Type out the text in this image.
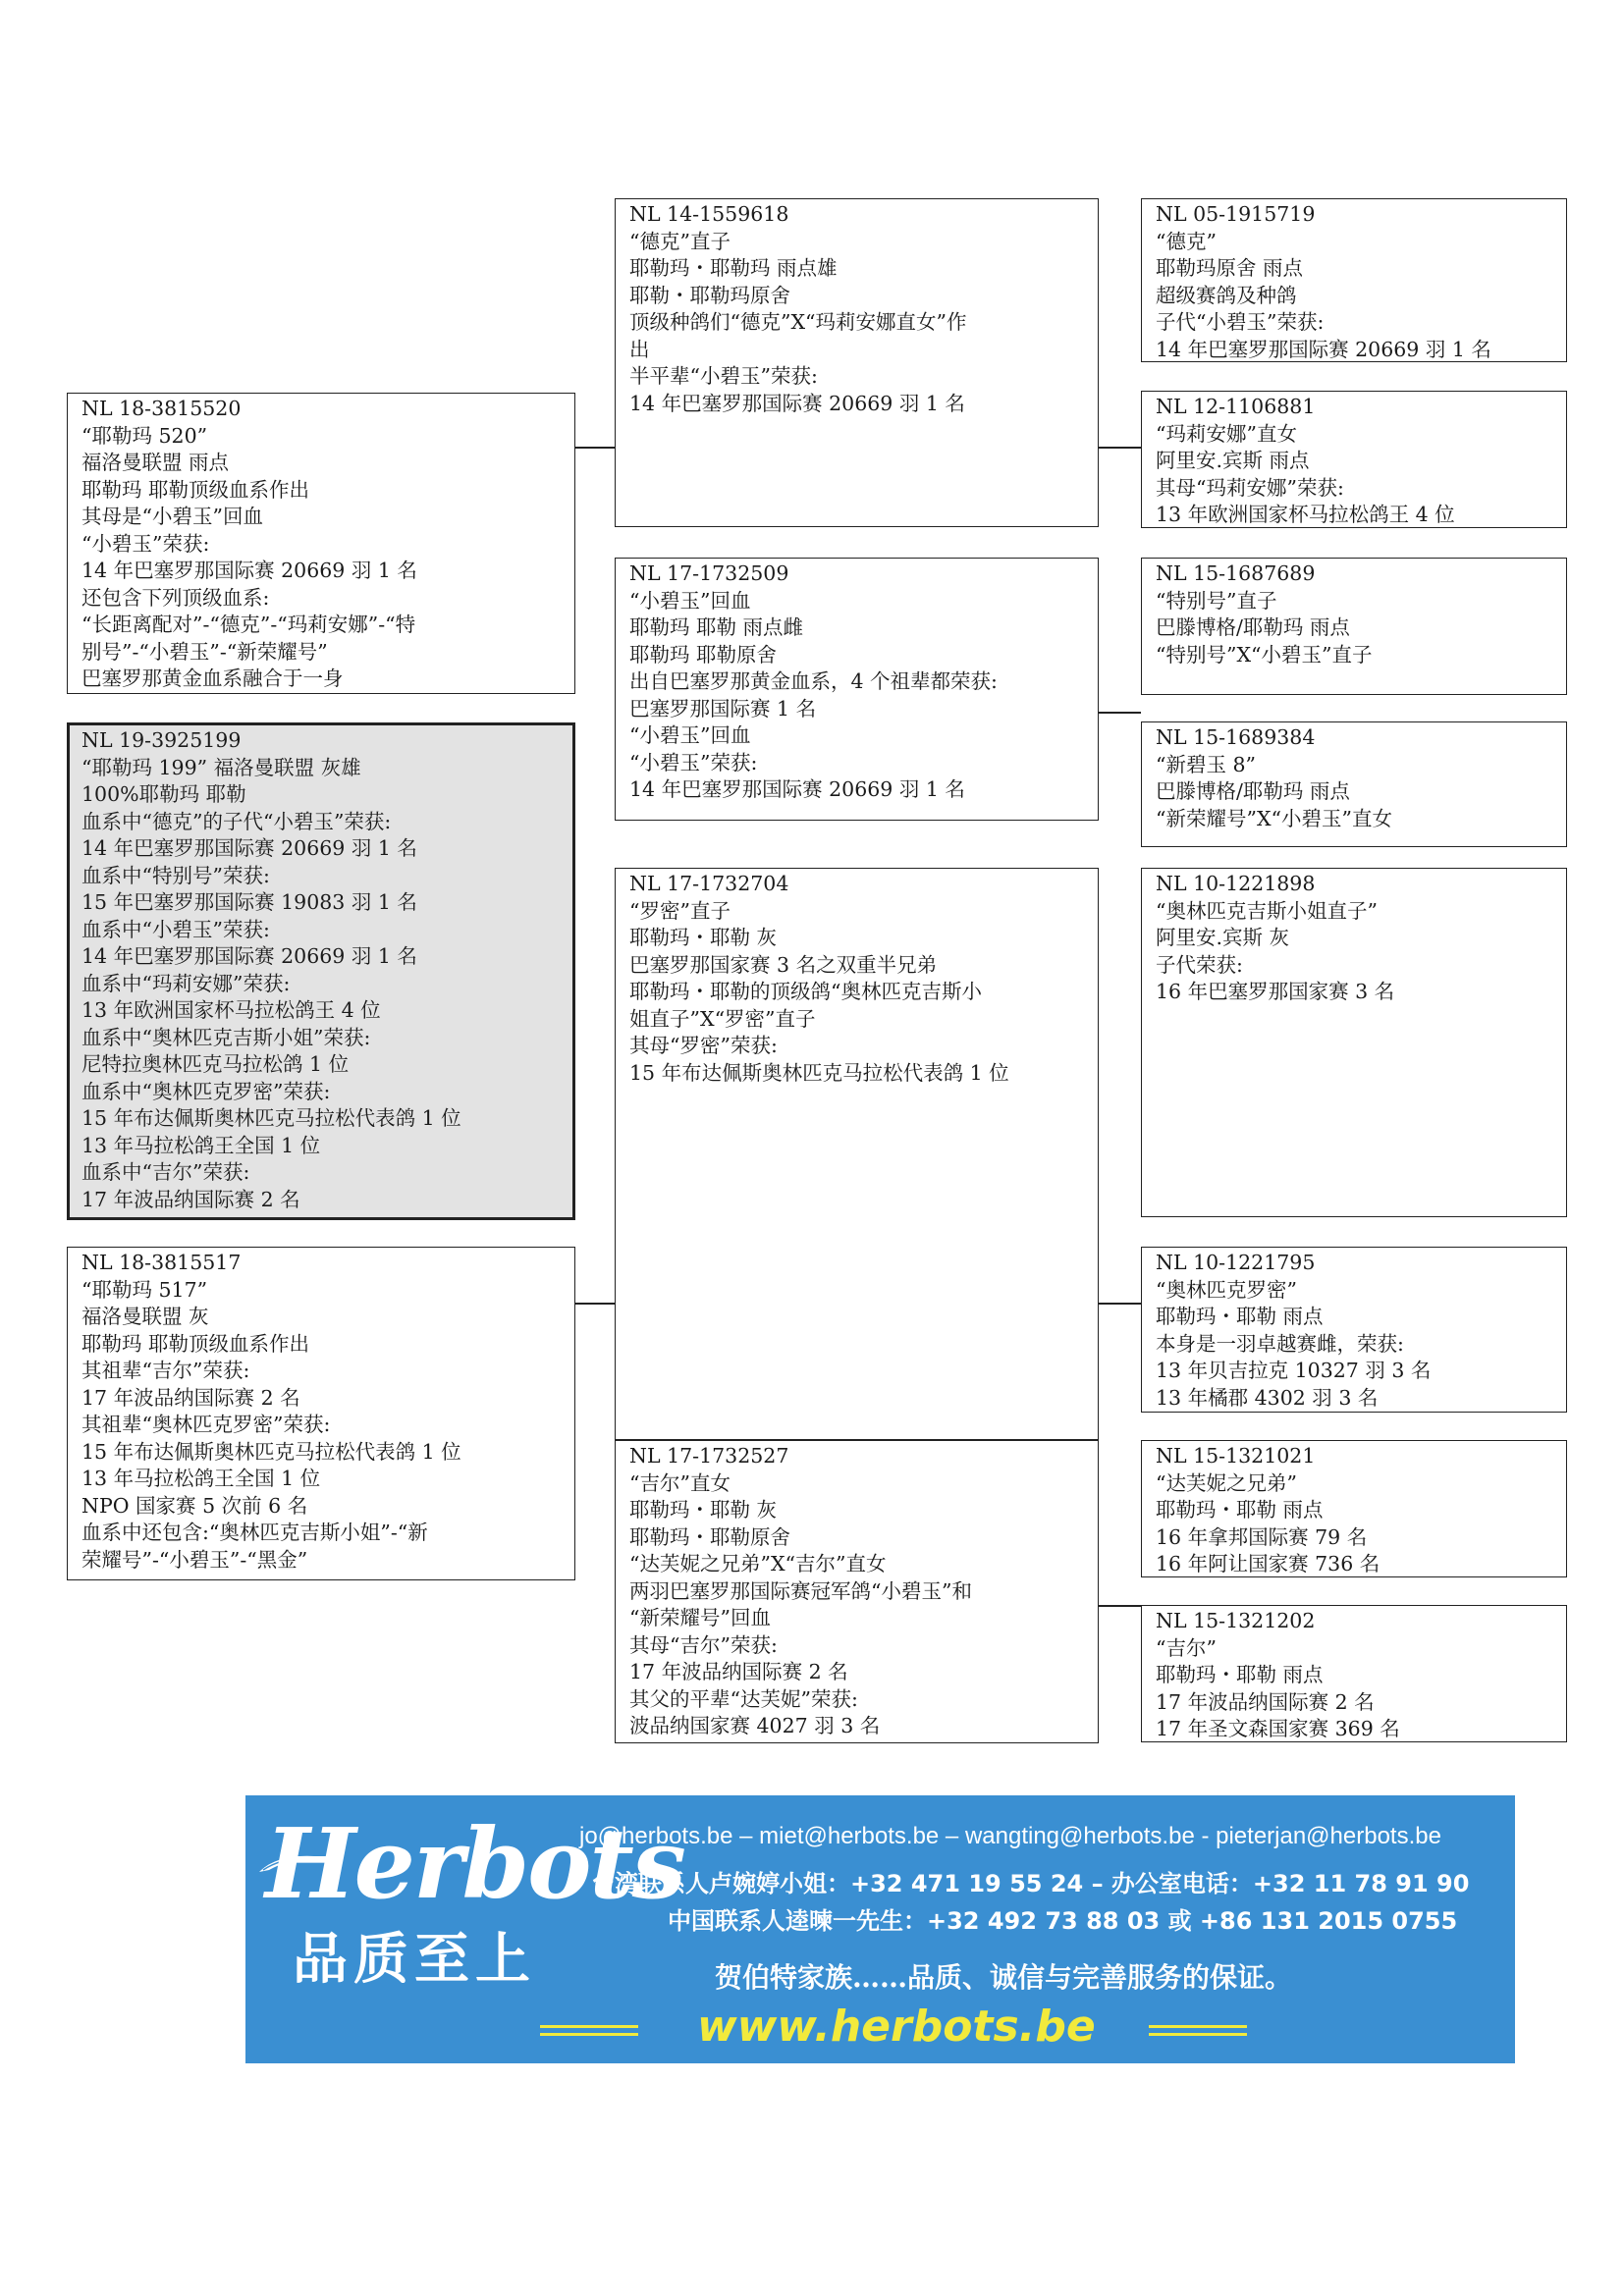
NL 18-3815520
“耶勒玛 520”
福洛曼联盟 雨点
耶勒玛 耶勒顶级血系作出
其母是“小碧玉”回血
“小碧玉”荣获:
14 年巴塞罗那国际赛 20669 羽 1 名
还包含下列顶级血系:
“长距离配对”-“德克”-“玛莉安娜”-“特
别号”-“小碧玉”-“新荣耀号”
巴塞罗那黄金血系融合于一身
NL 19-3925199
“耶勒玛 199” 福洛曼联盟 灰雄
100%耶勒玛 耶勒
血系中“德克”的子代“小碧玉”荣获:
14 年巴塞罗那国际赛 20669 羽 1 名
血系中“特别号”荣获:
15 年巴塞罗那国际赛 19083 羽 1 名
血系中“小碧玉”荣获:
14 年巴塞罗那国际赛 20669 羽 1 名
血系中“玛莉安娜”荣获:
13 年欧洲国家杯马拉松鸽王 4 位
血系中“奥林匹克吉斯小姐”荣获:
尼特拉奥林匹克马拉松鸽 1 位
血系中“奥林匹克罗密”荣获:
15 年布达佩斯奥林匹克马拉松代表鸽 1 位
13 年马拉松鸽王全国 1 位
血系中“吉尔”荣获:
17 年波品纳国际赛 2 名
NL 18-3815517
“耶勒玛 517”
福洛曼联盟 灰
耶勒玛 耶勒顶级血系作出
其祖辈“吉尔”荣获:
17 年波品纳国际赛 2 名
其祖辈“奥林匹克罗密”荣获:
15 年布达佩斯奥林匹克马拉松代表鸽 1 位
13 年马拉松鸽王全国 1 位
NPO 国家赛 5 次前 6 名
血系中还包含:“奥林匹克吉斯小姐”-“新
荣耀号”-“小碧玉”-“黑金”
NL 14-1559618
“德克”直子
耶勒玛・耶勒玛 雨点雄
耶勒・耶勒玛原舍
顶级种鸽们“德克”X“玛莉安娜直女”作
出
半平辈“小碧玉”荣获:
14 年巴塞罗那国际赛 20669 羽 1 名
NL 17-1732509
“小碧玉”回血
耶勒玛 耶勒 雨点雌
耶勒玛 耶勒原舍
出自巴塞罗那黄金血系，4 个祖辈都荣获:
巴塞罗那国际赛 1 名
“小碧玉”回血
“小碧玉”荣获:
14 年巴塞罗那国际赛 20669 羽 1 名
NL 17-1732704
“罗密”直子
耶勒玛・耶勒 灰
巴塞罗那国家赛 3 名之双重半兄弟
耶勒玛・耶勒的顶级鸽“奥林匹克吉斯小
姐直子”X“罗密”直子
其母“罗密”荣获:
15 年布达佩斯奥林匹克马拉松代表鸽 1 位
NL 17-1732527
“吉尔”直女
耶勒玛・耶勒 灰
耶勒玛・耶勒原舍
“达芙妮之兄弟”X“吉尔”直女
两羽巴塞罗那国际赛冠军鸽“小碧玉”和
“新荣耀号”回血
其母“吉尔”荣获:
17 年波品纳国际赛 2 名
其父的平辈“达芙妮”荣获:
波品纳国家赛 4027 羽 3 名
NL 05-1915719
“德克”
耶勒玛原舍 雨点
超级赛鸽及种鸽
子代“小碧玉”荣获:
14 年巴塞罗那国际赛 20669 羽 1 名
NL 12-1106881
“玛莉安娜”直女
阿里安.宾斯 雨点
其母“玛莉安娜”荣获:
13 年欧洲国家杯马拉松鸽王 4 位
NL 15-1687689
“特别号”直子
巴滕博格/耶勒玛 雨点
“特别号”X“小碧玉”直子
NL 15-1689384
“新碧玉 8”
巴滕博格/耶勒玛 雨点
“新荣耀号”X“小碧玉”直女
NL 10-1221898
“奥林匹克吉斯小姐直子”
阿里安.宾斯 灰
子代荣获:
16 年巴塞罗那国家赛 3 名
NL 10-1221795
“奥林匹克罗密”
耶勒玛・耶勒 雨点
本身是一羽卓越赛雌，荣获:
13 年贝吉拉克 10327 羽 3 名
13 年橘郡 4302 羽 3 名
NL 15-1321021
“达芙妮之兄弟”
耶勒玛・耶勒 雨点
16 年拿邦国际赛 79 名
16 年阿让国家赛 736 名
NL 15-1321202
“吉尔”
耶勒玛・耶勒 雨点
17 年波品纳国际赛 2 名
17 年圣文森国家赛 369 名
Herbots
品质至上
jo@herbots.be – miet@herbots.be – wangting@herbots.be - pieterjan@herbots.be
台湾联系人卢婉婷小姐：+32 471 19 55 24 – 办公室电话：+32 11 78 91 90
中国联系人逵暕一先生：+32 492 73 88 03 或 +86 131 2015 0755
贺伯特家族……品质、诚信与完善服务的保证。
www.herbots.be
